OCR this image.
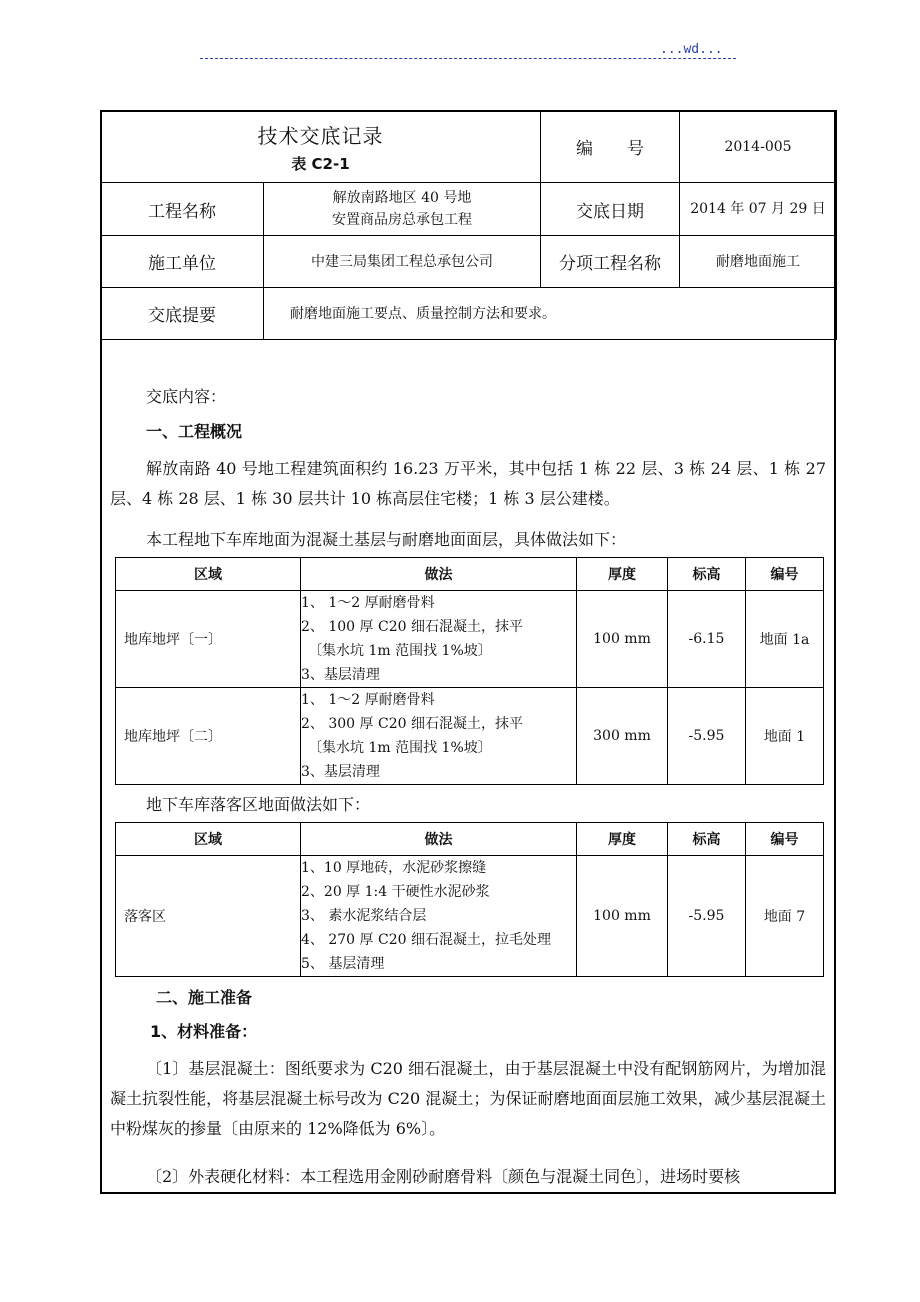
...wd...
技术交底记录
表 C2-1		编　　号	2014-005
工程名称	解放南路地区 40 号地
安置商品房总承包工程	交底日期	2014 年 07 月 29 日
施工单位	中建三局集团工程总承包公司	分项工程名称	耐磨地面施工
交底提要	耐磨地面施工要点、质量控制方法和要求。		
交底内容：
一、工程概况
解放南路 40 号地工程建筑面积约 16.23 万平米，其中包括 1 栋 22 层、3 栋 24 层、1 栋 27 层、4 栋 28 层、1 栋 30 层共计 10 栋高层住宅楼；1 栋 3 层公建楼。
本工程地下车库地面为混凝土基层与耐磨地面面层，具体做法如下：
区域	做法	厚度	标高	编号
地库地坪〔一〕	1、 1～2 厚耐磨骨料
2、 100 厚 C20 细石混凝土，抹平
　〔集水坑 1m 范围找 1%坡〕
3、基层清理	100 mm	-6.15	地面 1a
地库地坪〔二〕	1、 1～2 厚耐磨骨料
2、 300 厚 C20 细石混凝土，抹平
　〔集水坑 1m 范围找 1%坡〕
3、基层清理	300 mm	-5.95	地面 1
地下车库落客区地面做法如下：
区域	做法	厚度	标高	编号
落客区	1、10 厚地砖，水泥砂浆擦缝
2、20 厚 1:4 干硬性水泥砂浆
3、 素水泥浆结合层
4、 270 厚 C20 细石混凝土，拉毛处理
5、 基层清理	100 mm	-5.95	地面 7
二、施工准备
1、材料准备：
〔1〕基层混凝土：图纸要求为 C20 细石混凝土，由于基层混凝土中没有配钢筋网片，为增加混凝土抗裂性能，将基层混凝土标号改为 C20 混凝土；为保证耐磨地面面层施工效果，减少基层混凝土中粉煤灰的掺量〔由原来的 12%降低为 6%〕。
〔2〕外表硬化材料：本工程选用金刚砂耐磨骨料〔颜色与混凝土同色〕，进场时要核
